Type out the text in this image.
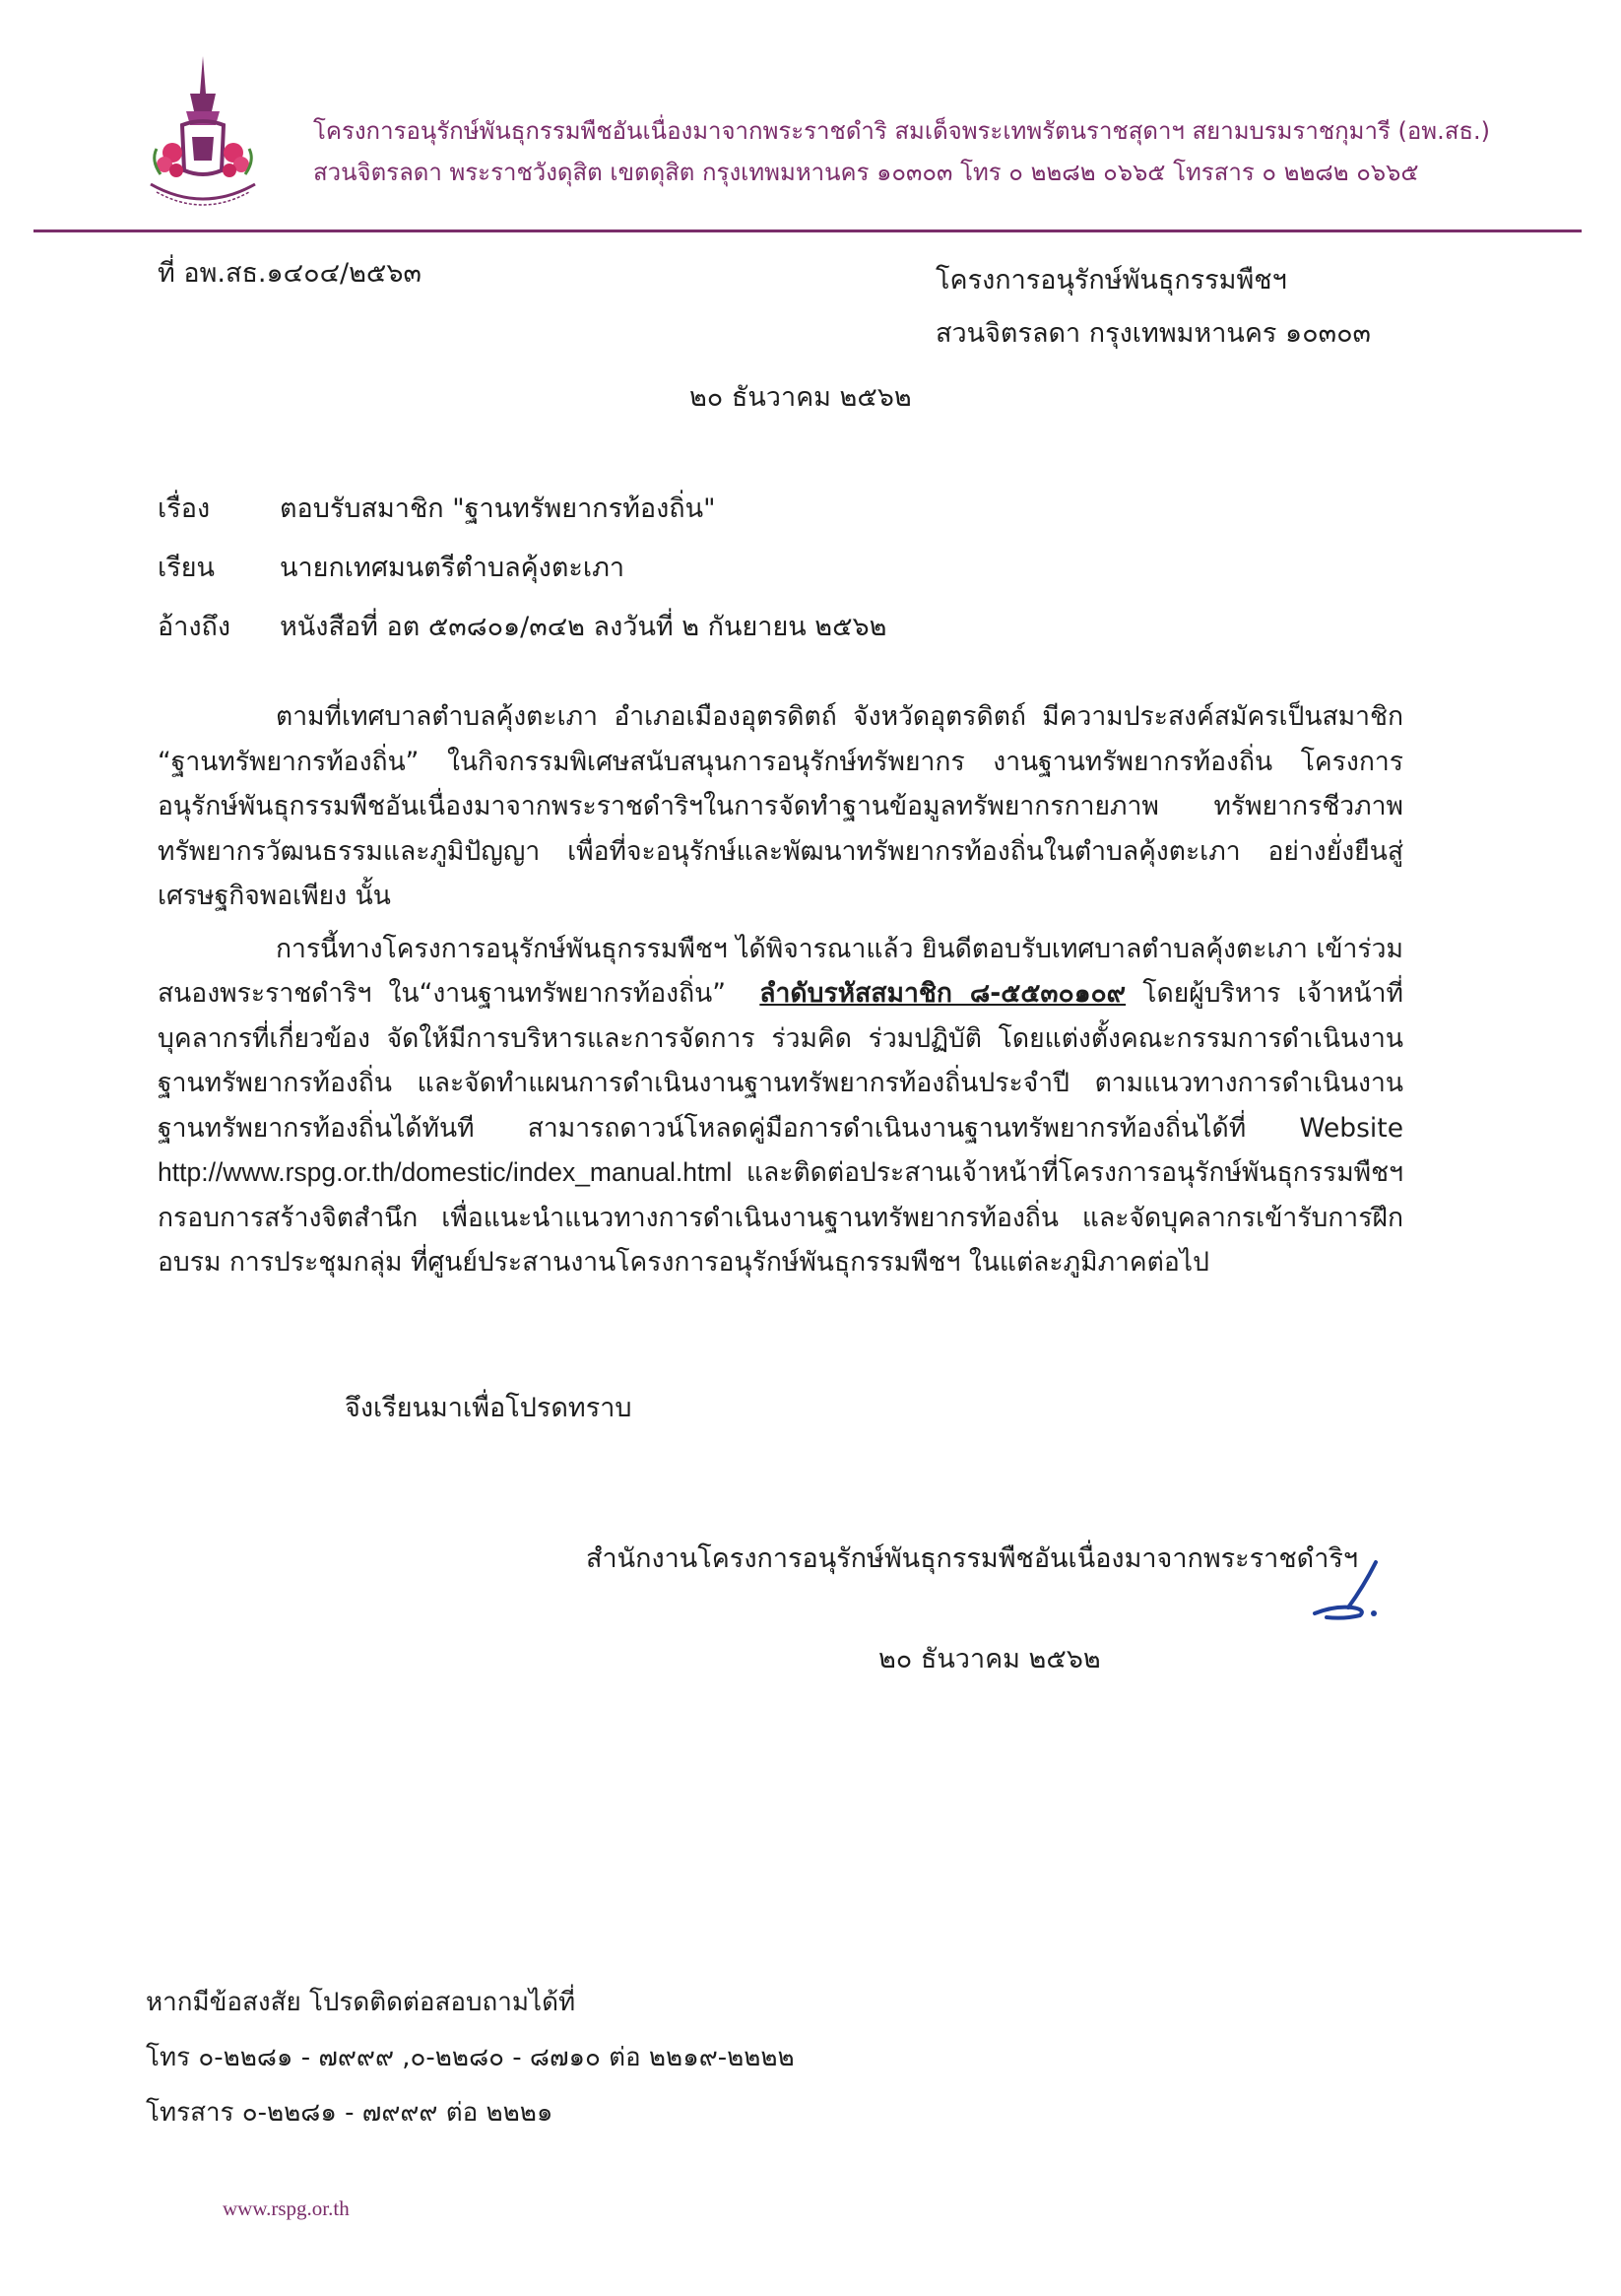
โครงการอนุรักษ์พันธุกรรมพืชอันเนื่องมาจากพระราชดำริ สมเด็จพระเทพรัตนราชสุดาฯ สยามบรมราชกุมารี (อพ.สธ.)
สวนจิตรลดา พระราชวังดุสิต เขตดุสิต กรุงเทพมหานคร ๑๐๓๐๓ โทร ๐ ๒๒๘๒ ๐๖๖๕ โทรสาร ๐ ๒๒๘๒ ๐๖๖๕
ที่ อพ.สธ.๑๔๐๔/๒๕๖๓	โครงการอนุรักษ์พันธุกรรมพืชฯ
สวนจิตรลดา กรุงเทพมหานคร ๑๐๓๐๓
๒๐ ธันวาคม ๒๕๖๒
เรื่อง	ตอบรับสมาชิก "ฐานทรัพยากรท้องถิ่น"
เรียน	นายกเทศมนตรีตำบลคุ้งตะเภา
อ้างถึง	หนังสือที่ อต ๕๓๘๐๑/๓๔๒ ลงวันที่ ๒ กันยายน ๒๕๖๒

ตามที่เทศบาลตำบลคุ้งตะเภา อำเภอเมืองอุตรดิตถ์ จังหวัดอุตรดิตถ์ มีความประสงค์สมัครเป็นสมาชิก “ฐานทรัพยากรท้องถิ่น” ในกิจกรรมพิเศษสนับสนุนการอนุรักษ์ทรัพยากร งานฐานทรัพยากรท้องถิ่น โครงการอนุรักษ์พันธุกรรมพืชอันเนื่องมาจากพระราชดำริฯในการจัดทำฐานข้อมูลทรัพยากรกายภาพ ทรัพยากรชีวภาพ ทรัพยากรวัฒนธรรมและภูมิปัญญา เพื่อที่จะอนุรักษ์และพัฒนาทรัพยากรท้องถิ่นในตำบลคุ้งตะเภา อย่างยั่งยืนสู่เศรษฐกิจพอเพียง นั้น

การนี้ทางโครงการอนุรักษ์พันธุกรรมพืชฯ ได้พิจารณาแล้ว ยินดีตอบรับเทศบาลตำบลคุ้งตะเภา เข้าร่วมสนองพระราชดำริฯ ใน“งานฐานทรัพยากรท้องถิ่น” ลำดับรหัสสมาชิก ๘-๕๕๓๐๑๐๙ โดยผู้บริหาร เจ้าหน้าที่ บุคลากรที่เกี่ยวข้อง จัดให้มีการบริหารและการจัดการ ร่วมคิด ร่วมปฏิบัติ โดยแต่งตั้งคณะกรรมการดำเนินงานฐานทรัพยากรท้องถิ่น และจัดทำแผนการดำเนินงานฐานทรัพยากรท้องถิ่นประจำปี ตามแนวทางการดำเนินงานฐานทรัพยากรท้องถิ่นได้ทันที สามารถดาวน์โหลดคู่มือการดำเนินงานฐานทรัพยากรท้องถิ่นได้ที่ Website http://www.rspg.or.th/domestic/index_manual.html และติดต่อประสานเจ้าหน้าที่โครงการอนุรักษ์พันธุกรรมพืชฯ กรอบการสร้างจิตสำนึก เพื่อแนะนำแนวทางการดำเนินงานฐานทรัพยากรท้องถิ่น และจัดบุคลากรเข้ารับการฝึกอบรม การประชุมกลุ่ม ที่ศูนย์ประสานงานโครงการอนุรักษ์พันธุกรรมพืชฯ ในแต่ละภูมิภาคต่อไป

จึงเรียนมาเพื่อโปรดทราบ
สำนักงานโครงการอนุรักษ์พันธุกรรมพืชอันเนื่องมาจากพระราชดำริฯ
๒๐ ธันวาคม ๒๕๖๒
หากมีข้อสงสัย โปรดติดต่อสอบถามได้ที่
โทร ๐-๒๒๘๑ - ๗๙๙๙ ,๐-๒๒๘๐ - ๘๗๑๐ ต่อ ๒๒๑๙-๒๒๒๒
โทรสาร ๐-๒๒๘๑ - ๗๙๙๙ ต่อ ๒๒๒๑
www.rspg.or.th
